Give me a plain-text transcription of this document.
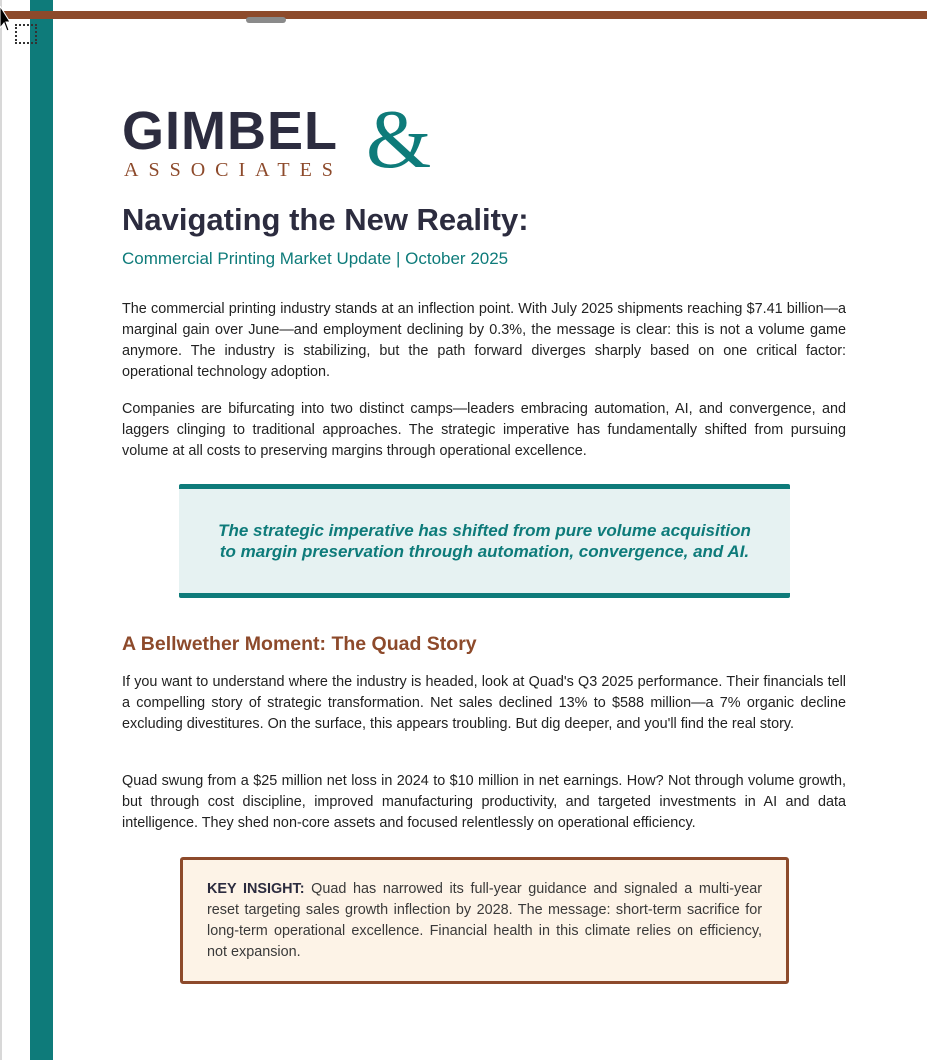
GIMBEL
ASSOCIATES &
Navigating the New Reality:

Commercial Printing Market Update | October 2025

The commercial printing industry stands at an inflection point. With July 2025 shipments reaching $7.41 billion—a marginal gain over June—and employment declining by 0.3%, the message is clear: this is not a volume game anymore. The industry is stabilizing, but the path forward diverges sharply based on one critical factor: operational technology adoption.

Companies are bifurcating into two distinct camps—leaders embracing automation, AI, and convergence, and laggers clinging to traditional approaches. The strategic imperative has fundamentally shifted from pursuing volume at all costs to preserving margins through operational excellence.

The strategic imperative has shifted from pure volume acquisition to margin preservation through automation, convergence, and AI.

A Bellwether Moment: The Quad Story

If you want to understand where the industry is headed, look at Quad's Q3 2025 performance. Their financials tell a compelling story of strategic transformation. Net sales declined 13% to $588 million—a 7% organic decline excluding divestitures. On the surface, this appears troubling. But dig deeper, and you'll find the real story.

Quad swung from a $25 million net loss in 2024 to $10 million in net earnings. How? Not through volume growth, but through cost discipline, improved manufacturing productivity, and targeted investments in AI and data intelligence. They shed non-core assets and focused relentlessly on operational efficiency.

KEY INSIGHT: Quad has narrowed its full-year guidance and signaled a multi-year reset targeting sales growth inflection by 2028. The message: short-term sacrifice for long-term operational excellence. Financial health in this climate relies on efficiency, not expansion.
